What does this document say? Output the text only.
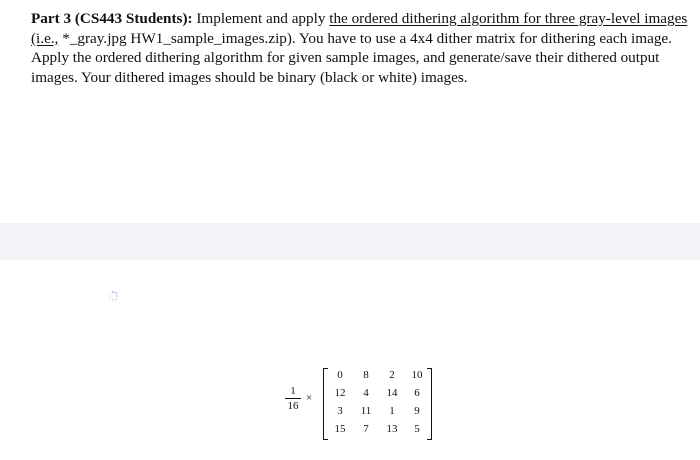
Part 3 (CS443 Students): Implement and apply the ordered dithering algorithm for three gray-level images (i.e., *_gray.jpg HW1_sample_images.zip). You have to use a 4x4 dither matrix for dithering each image. Apply the ordered dithering algorithm for given sample images, and generate/save their dithered output images. Your dithered images should be binary (black or white) images.

1
16
×
0	8	2	10
12	4	14	6
3	11	1	9
15	7	13	5
